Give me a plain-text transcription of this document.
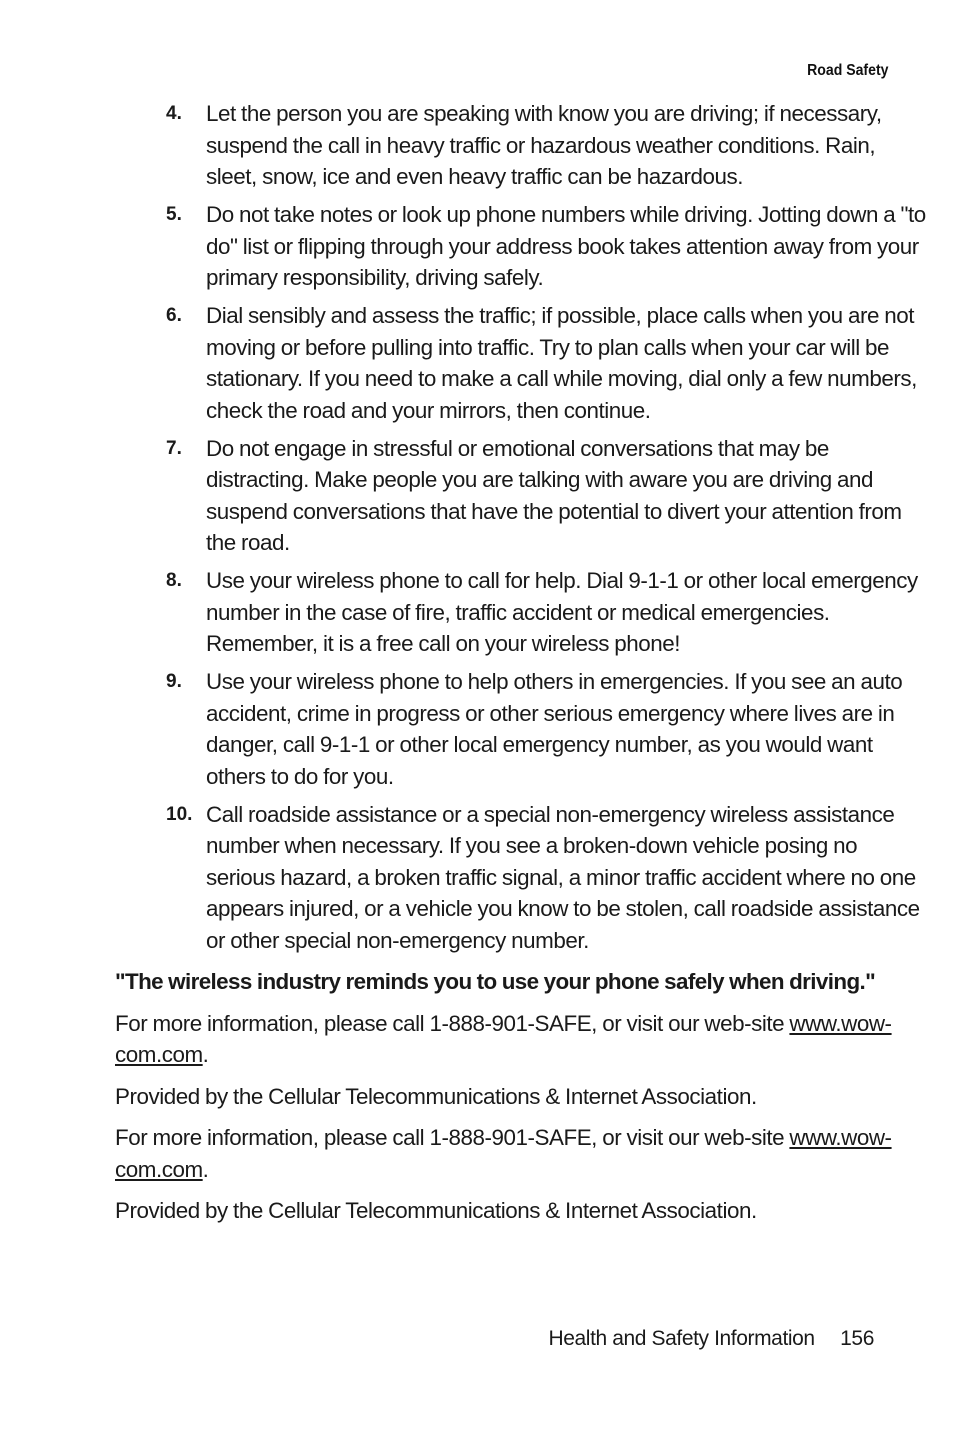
Road Safety
4. Let the person you are speaking with know you are driving; if necessary, suspend the call in heavy traffic or hazardous weather conditions. Rain, sleet, snow, ice and even heavy traffic can be hazardous.
5. Do not take notes or look up phone numbers while driving. Jotting down a "to do" list or flipping through your address book takes attention away from your primary responsibility, driving safely.
6. Dial sensibly and assess the traffic; if possible, place calls when you are not moving or before pulling into traffic. Try to plan calls when your car will be stationary. If you need to make a call while moving, dial only a few numbers, check the road and your mirrors, then continue.
7. Do not engage in stressful or emotional conversations that may be distracting. Make people you are talking with aware you are driving and suspend conversations that have the potential to divert your attention from the road.
8. Use your wireless phone to call for help. Dial 9-1-1 or other local emergency number in the case of fire, traffic accident or medical emergencies. Remember, it is a free call on your wireless phone!
9. Use your wireless phone to help others in emergencies. If you see an auto accident, crime in progress or other serious emergency where lives are in danger, call 9-1-1 or other local emergency number, as you would want others to do for you.
10. Call roadside assistance or a special non-emergency wireless assistance number when necessary. If you see a broken-down vehicle posing no serious hazard, a broken traffic signal, a minor traffic accident where no one appears injured, or a vehicle you know to be stolen, call roadside assistance or other special non-emergency number.

"The wireless industry reminds you to use your phone safely when driving."

For more information, please call 1-888-901-SAFE, or visit our web-site www.wow-com.com.

Provided by the Cellular Telecommunications & Internet Association.

For more information, please call 1-888-901-SAFE, or visit our web-site www.wow-com.com.

Provided by the Cellular Telecommunications & Internet Association.

Health and Safety Information 156
